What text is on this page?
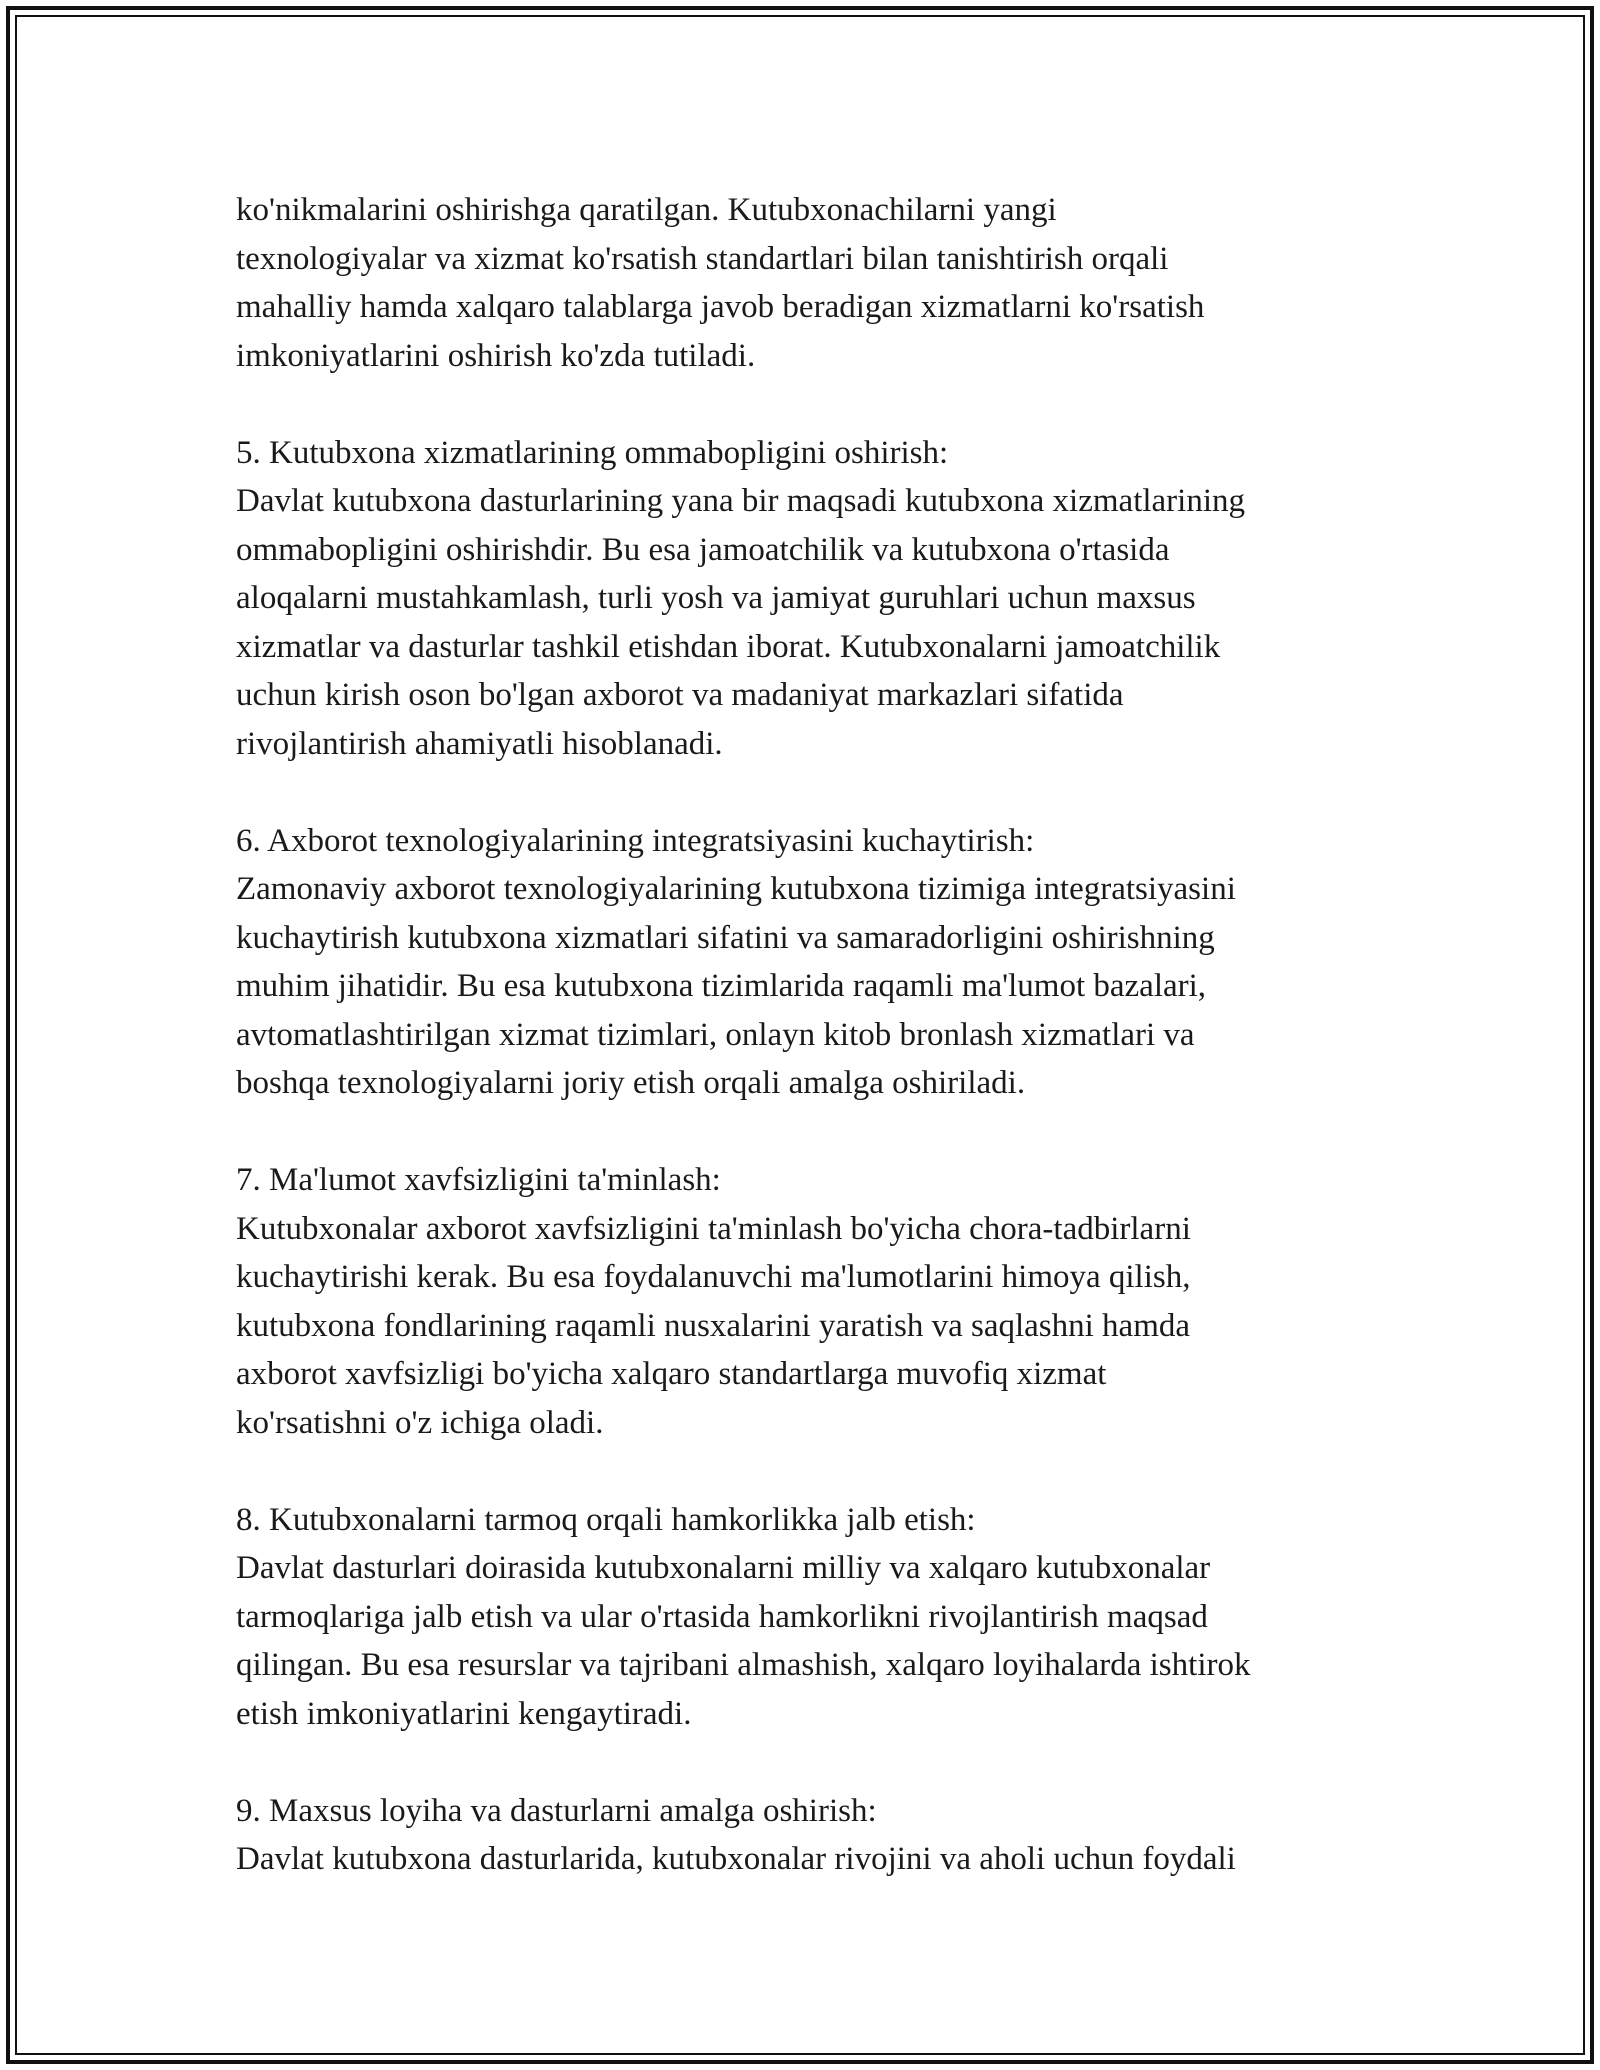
ko'nikmalarini oshirishga qaratilgan. Kutubxonachilarni yangi
texnologiyalar va xizmat ko'rsatish standartlari bilan tanishtirish orqali
mahalliy hamda xalqaro talablarga javob beradigan xizmatlarni ko'rsatish
imkoniyatlarini oshirish ko'zda tutiladi.

5. Kutubxona xizmatlarining ommabopligini oshirish:
Davlat kutubxona dasturlarining yana bir maqsadi kutubxona xizmatlarining
ommabopligini oshirishdir. Bu esa jamoatchilik va kutubxona o'rtasida
aloqalarni mustahkamlash, turli yosh va jamiyat guruhlari uchun maxsus
xizmatlar va dasturlar tashkil etishdan iborat. Kutubxonalarni jamoatchilik
uchun kirish oson bo'lgan axborot va madaniyat markazlari sifatida
rivojlantirish ahamiyatli hisoblanadi.

6. Axborot texnologiyalarining integratsiyasini kuchaytirish:
Zamonaviy axborot texnologiyalarining kutubxona tizimiga integratsiyasini
kuchaytirish kutubxona xizmatlari sifatini va samaradorligini oshirishning
muhim jihatidir. Bu esa kutubxona tizimlarida raqamli ma'lumot bazalari,
avtomatlashtirilgan xizmat tizimlari, onlayn kitob bronlash xizmatlari va
boshqa texnologiyalarni joriy etish orqali amalga oshiriladi.

7. Ma'lumot xavfsizligini ta'minlash:
Kutubxonalar axborot xavfsizligini ta'minlash bo'yicha chora-tadbirlarni
kuchaytirishi kerak. Bu esa foydalanuvchi ma'lumotlarini himoya qilish,
kutubxona fondlarining raqamli nusxalarini yaratish va saqlashni hamda
axborot xavfsizligi bo'yicha xalqaro standartlarga muvofiq xizmat
ko'rsatishni o'z ichiga oladi.

8. Kutubxonalarni tarmoq orqali hamkorlikka jalb etish:
Davlat dasturlari doirasida kutubxonalarni milliy va xalqaro kutubxonalar
tarmoqlariga jalb etish va ular o'rtasida hamkorlikni rivojlantirish maqsad
qilingan. Bu esa resurslar va tajribani almashish, xalqaro loyihalarda ishtirok
etish imkoniyatlarini kengaytiradi.

9. Maxsus loyiha va dasturlarni amalga oshirish:
Davlat kutubxona dasturlarida, kutubxonalar rivojini va aholi uchun foydali
